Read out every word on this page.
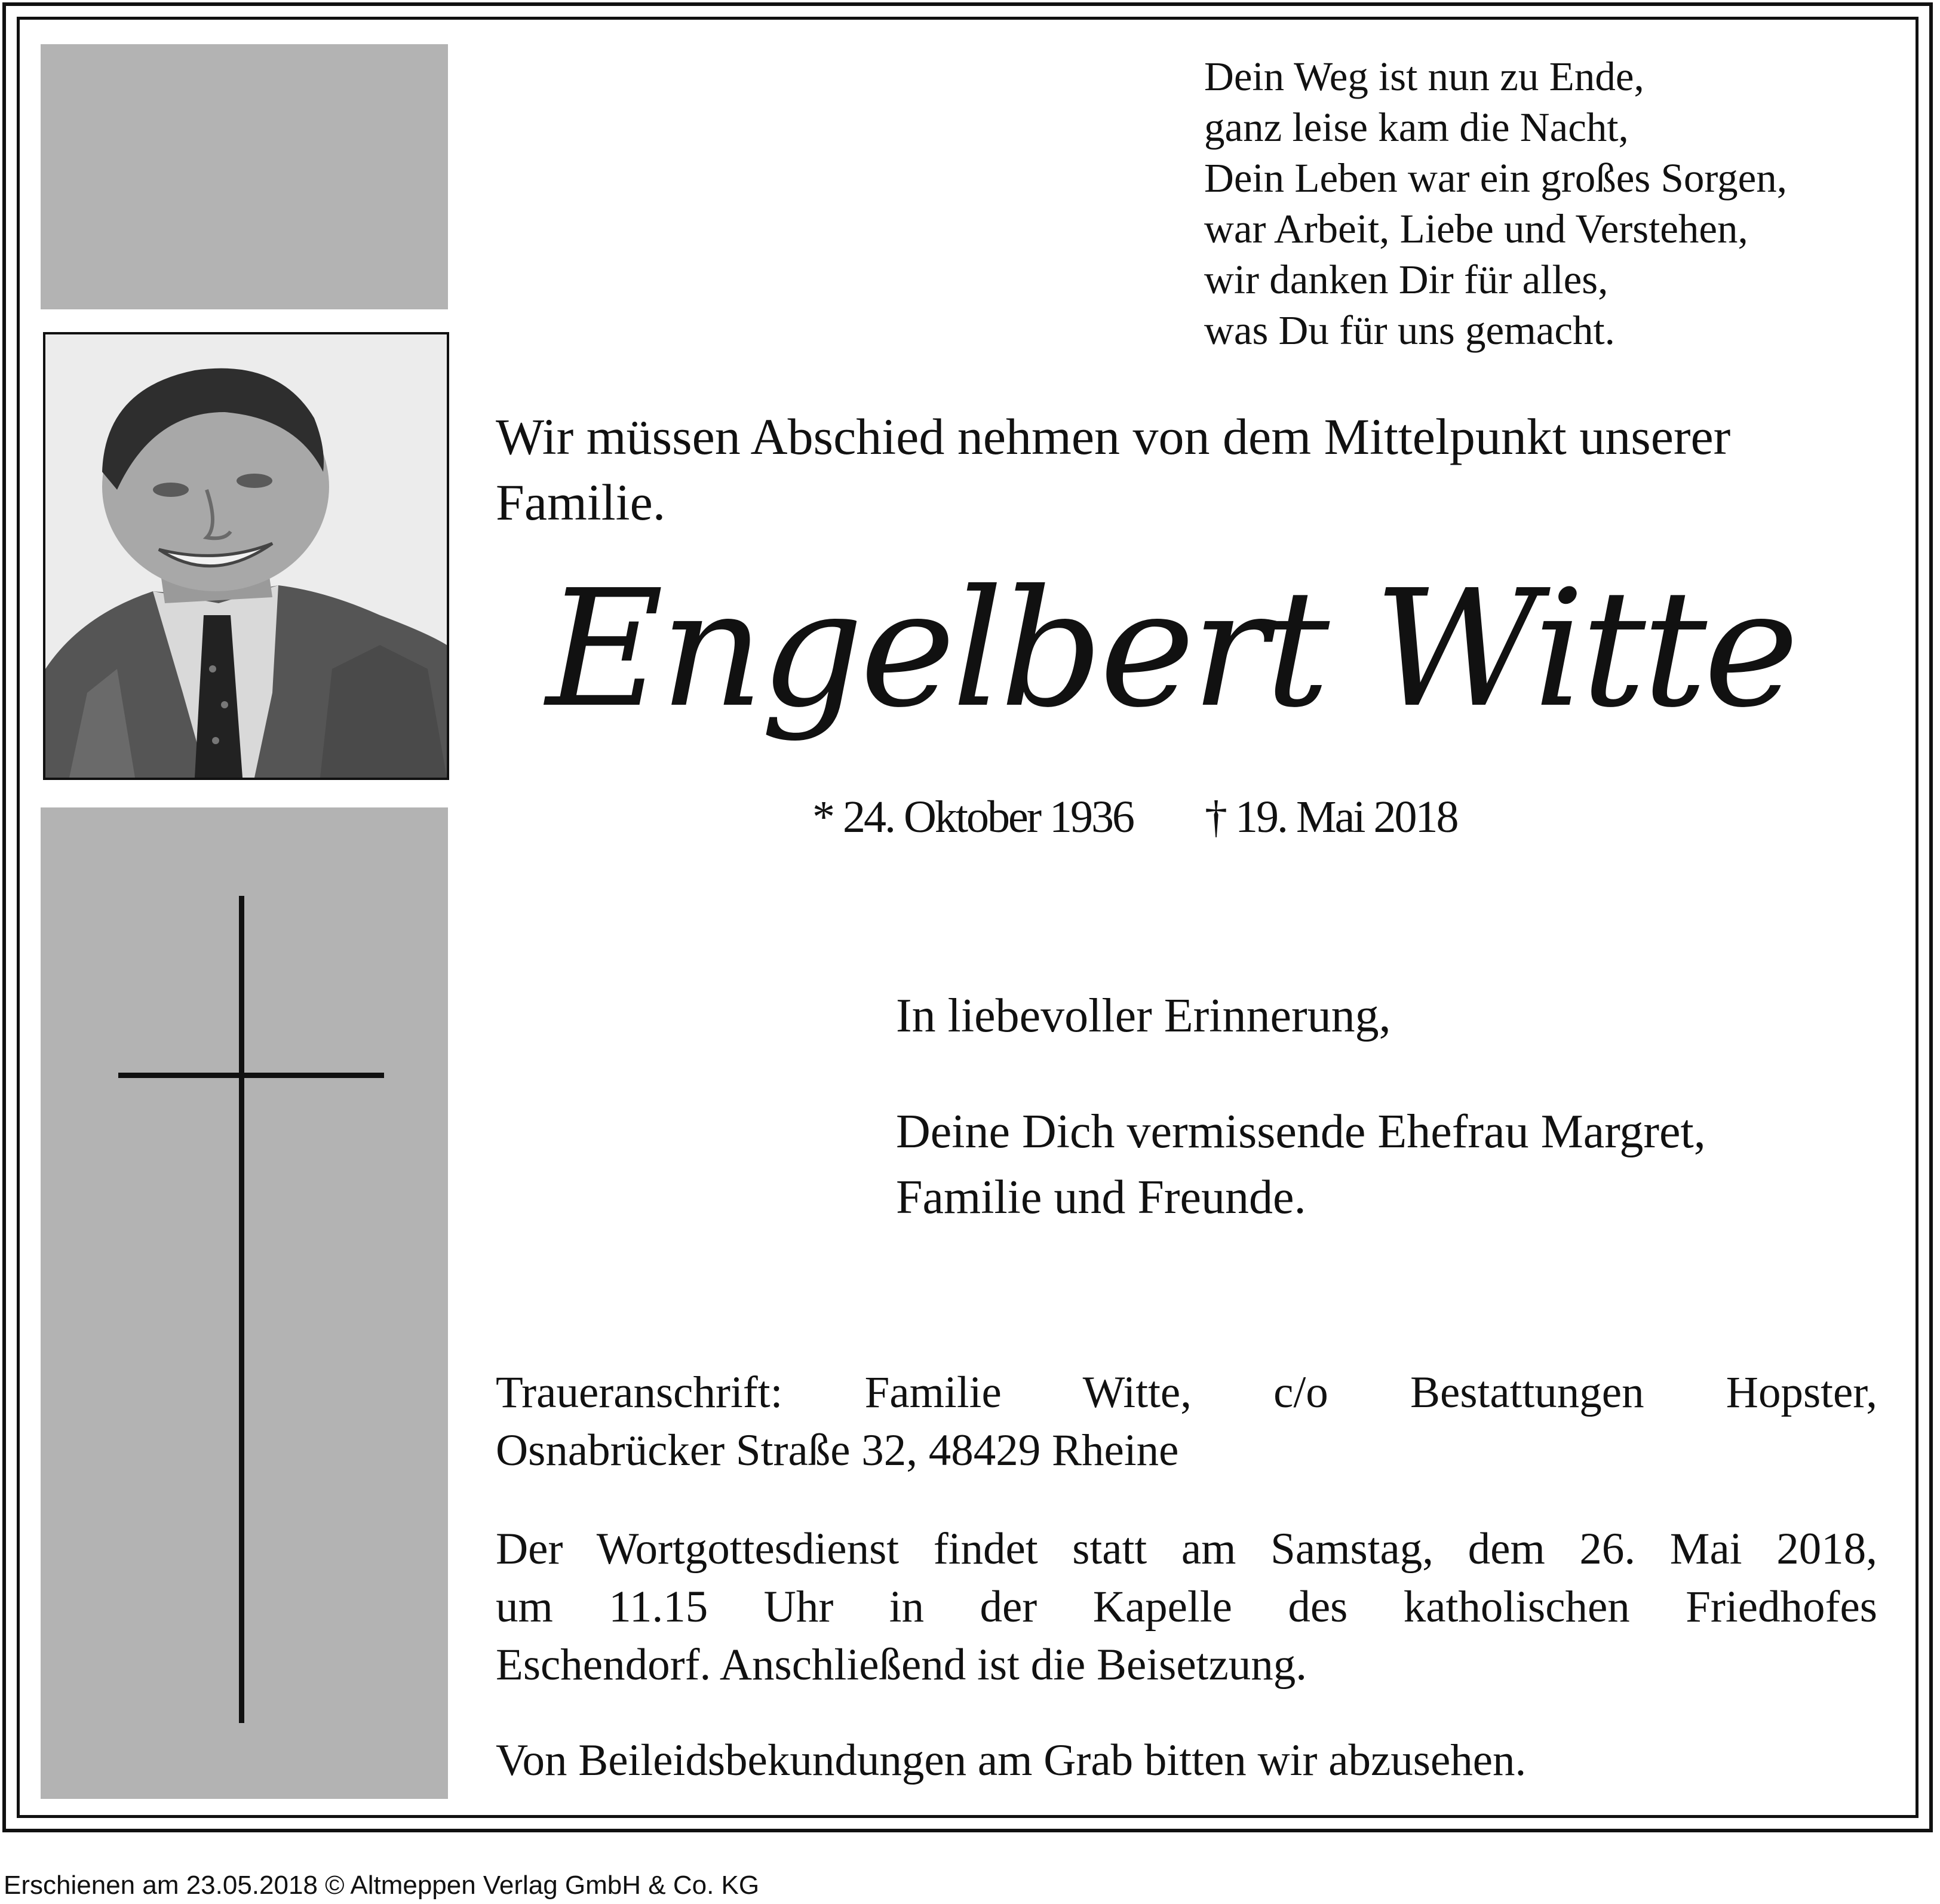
Dein Weg ist nun zu Ende,
ganz leise kam die Nacht,
Dein Leben war ein großes Sorgen,
war Arbeit, Liebe und Verstehen,
wir danken Dir für alles,
was Du für uns gemacht.
Wir müssen Abschied nehmen von dem Mittelpunkt unserer
Familie.
Engelbert Witte
* 24. Oktober 1936 † 19. Mai 2018
In liebevoller Erinnerung,
Deine Dich vermissende Ehefrau Margret,
Familie und Freunde.
Traueranschrift: Familie Witte, c/o Bestattungen Hopster,
Osnabrücker Straße 32, 48429 Rheine
Der Wortgottesdienst findet statt am Samstag, dem 26. Mai 2018,
um 11.15 Uhr in der Kapelle des katholischen Friedhofes
Eschendorf. Anschließend ist die Beisetzung.
Von Beileidsbekundungen am Grab bitten wir abzusehen.
Erschienen am 23.05.2018 © Altmeppen Verlag GmbH & Co. KG
